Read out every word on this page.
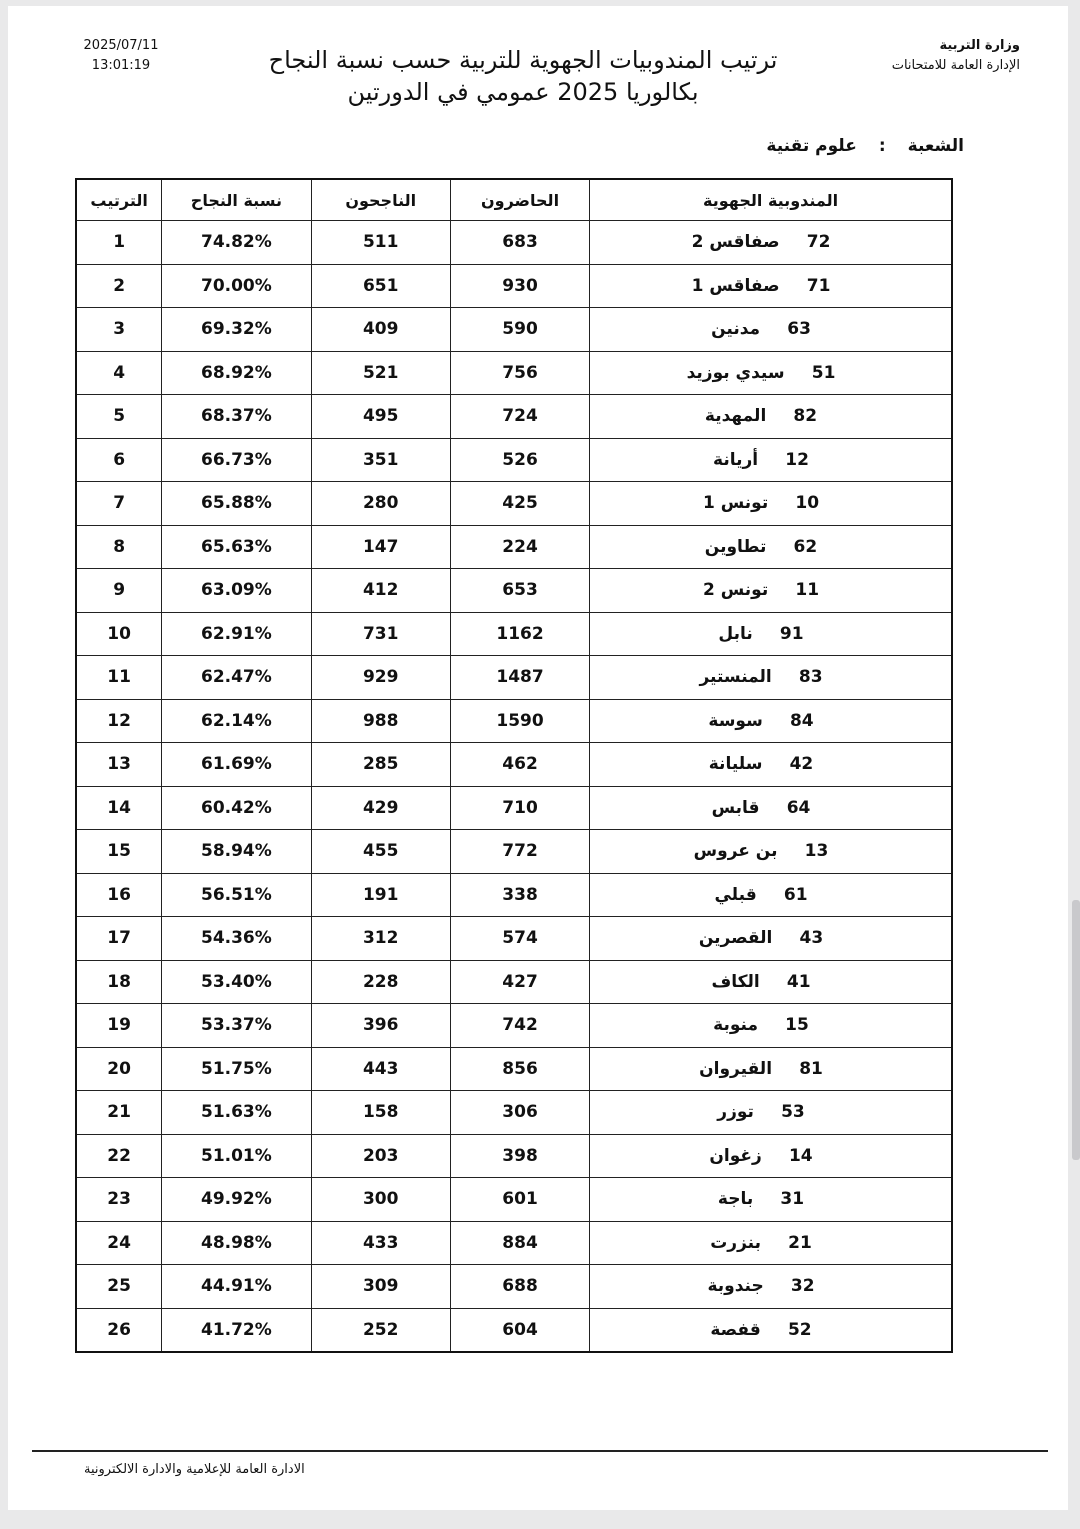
2025/07/11
13:01:19	ترتيب المندوبيات الجهوية للتربية حسب نسبة النجاح
بكالوريا 2025 عمومي في الدورتين
وزارة التربية
الإدارة العامة للامتحانات
الشعبة
:
علوم تقنية
المندوبية الجهوية	الحاضرون	الناجحون	نسبة النجاح	الترتيب
72صفاقس 2	683	511	74.82%	1
71صفاقس 1	930	651	70.00%	2
63مدنين	590	409	69.32%	3
51سيدي بوزيد	756	521	68.92%	4
82المهدية	724	495	68.37%	5
12أريانة	526	351	66.73%	6
10تونس 1	425	280	65.88%	7
62تطاوين	224	147	65.63%	8
11تونس 2	653	412	63.09%	9
91نابل	1162	731	62.91%	10
83المنستير	1487	929	62.47%	11
84سوسة	1590	988	62.14%	12
42سليانة	462	285	61.69%	13
64قابس	710	429	60.42%	14
13بن عروس	772	455	58.94%	15
61قبلي	338	191	56.51%	16
43القصرين	574	312	54.36%	17
41الكاف	427	228	53.40%	18
15منوبة	742	396	53.37%	19
81القيروان	856	443	51.75%	20
53توزر	306	158	51.63%	21
14زغوان	398	203	51.01%	22
31باجة	601	300	49.92%	23
21بنزرت	884	433	48.98%	24
32جندوبة	688	309	44.91%	25
52قفصة	604	252	41.72%	26
الادارة العامة للإعلامية والادارة الالكترونية
